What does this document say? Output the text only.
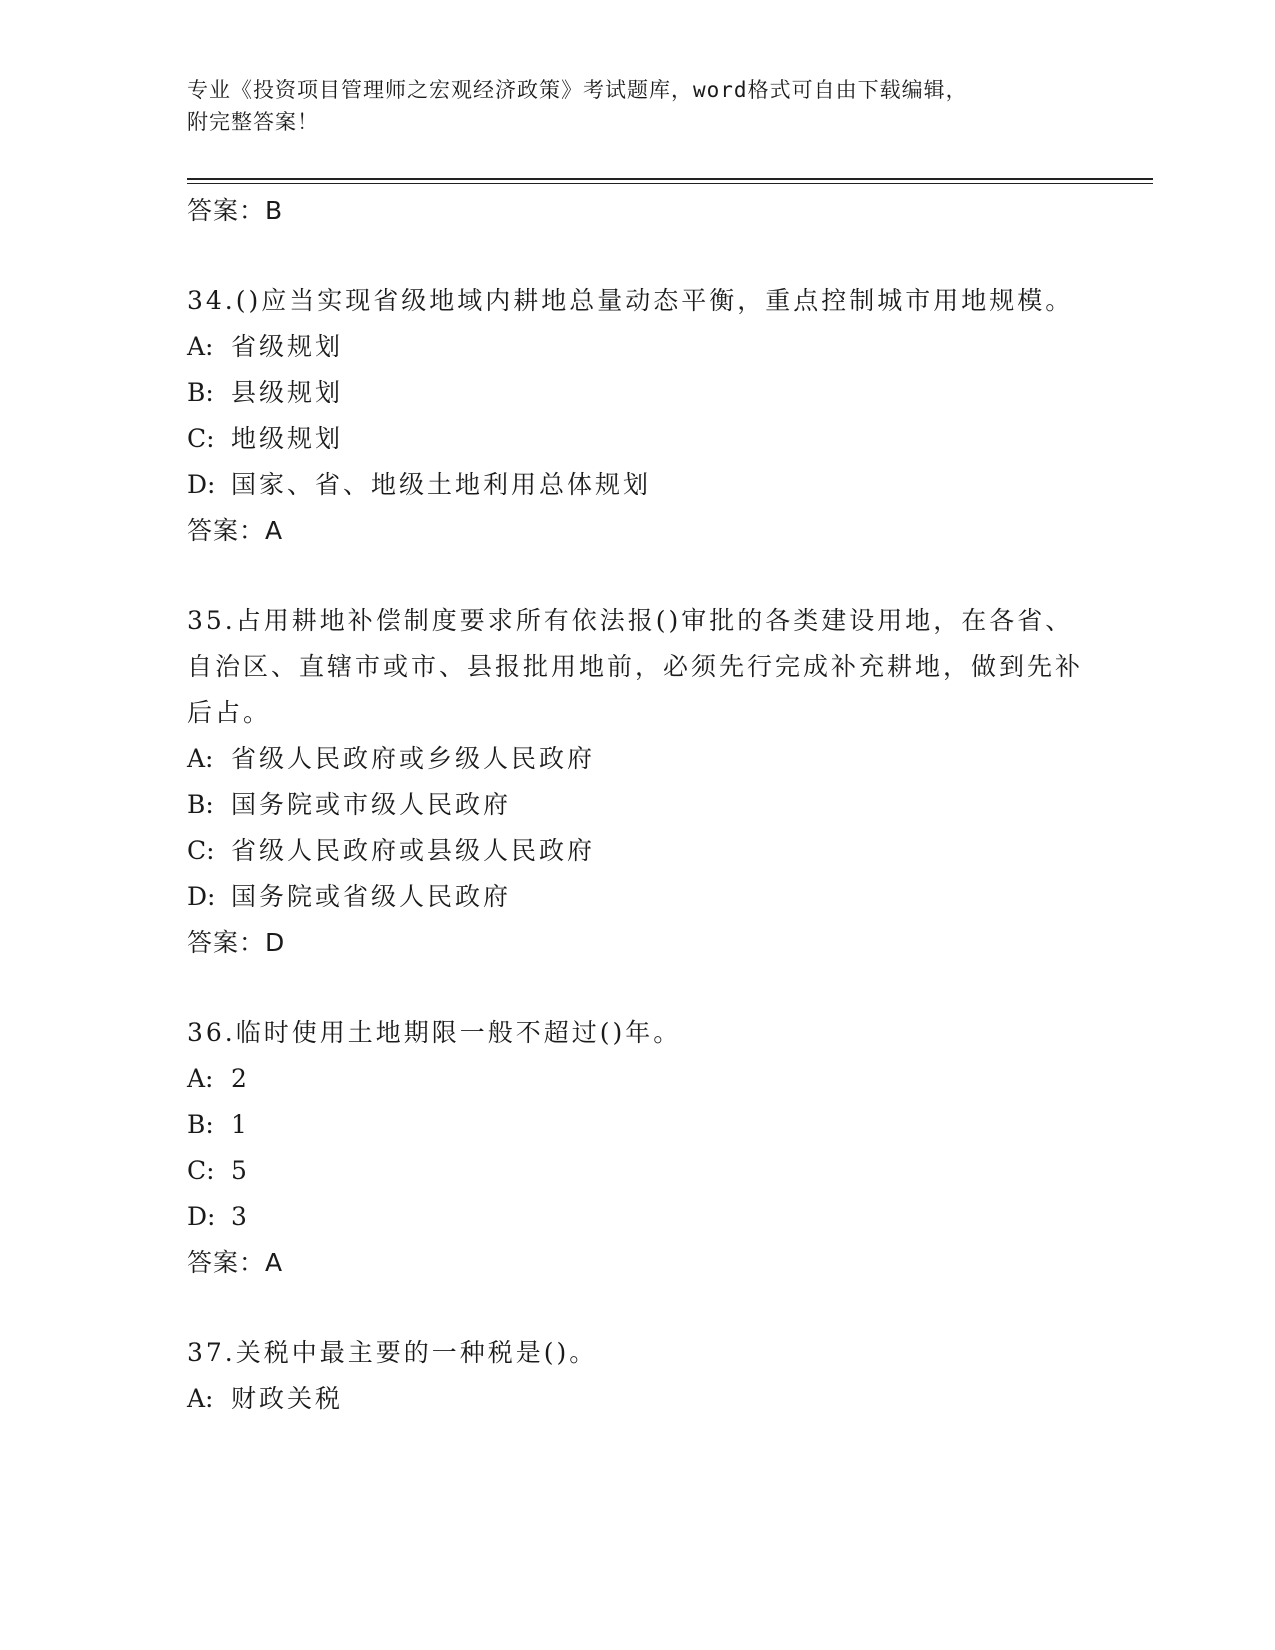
专业《投资项目管理师之宏观经济政策》考试题库，word格式可自由下载编辑，
附完整答案！
答案：B
34.()应当实现省级地域内耕地总量动态平衡，重点控制城市用地规模。
A: 省级规划
B: 县级规划
C: 地级规划
D: 国家、省、地级土地利用总体规划
答案：A
35.占用耕地补偿制度要求所有依法报()审批的各类建设用地，在各省、自治区、直辖市或市、县报批用地前，必须先行完成补充耕地，做到先补后占。
A: 省级人民政府或乡级人民政府
B: 国务院或市级人民政府
C: 省级人民政府或县级人民政府
D: 国务院或省级人民政府
答案：D
36.临时使用土地期限一般不超过()年。
A: 2
B: 1
C: 5
D: 3
答案：A
37.关税中最主要的一种税是()。
A: 财政关税
